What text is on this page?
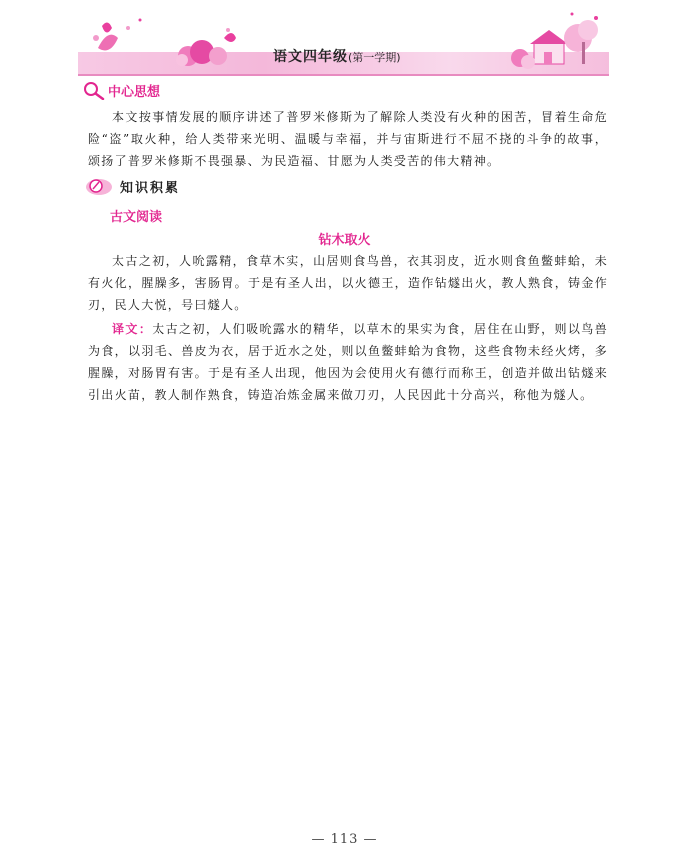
语文四年级(第一学期)
中心思想
本文按事情发展的顺序讲述了普罗米修斯为了解除人类没有火种的困苦，冒着生命危险“盗”取火种，给人类带来光明、温暖与幸福，并与宙斯进行不屈不挠的斗争的故事，颂扬了普罗米修斯不畏强暴、为民造福、甘愿为人类受苦的伟大精神。
知识积累
古文阅读
钻木取火
太古之初，人吮露精，食草木实，山居则食鸟兽，衣其羽皮，近水则食鱼鳖蚌蛤，未有火化，腥臊多，害肠胃。于是有圣人出，以火德王，造作钻燧出火，教人熟食，铸金作刃，民人大悦，号曰燧人。
译文：太古之初，人们吸吮露水的精华，以草木的果实为食，居住在山野，则以鸟兽为食，以羽毛、兽皮为衣，居于近水之处，则以鱼鳖蚌蛤为食物，这些食物未经火烤，多腥臊，对肠胃有害。于是有圣人出现，他因为会使用火有德行而称王，创造并做出钻燧来引出火苗，教人制作熟食，铸造冶炼金属来做刀刃，人民因此十分高兴，称他为燧人。
— 113 —
